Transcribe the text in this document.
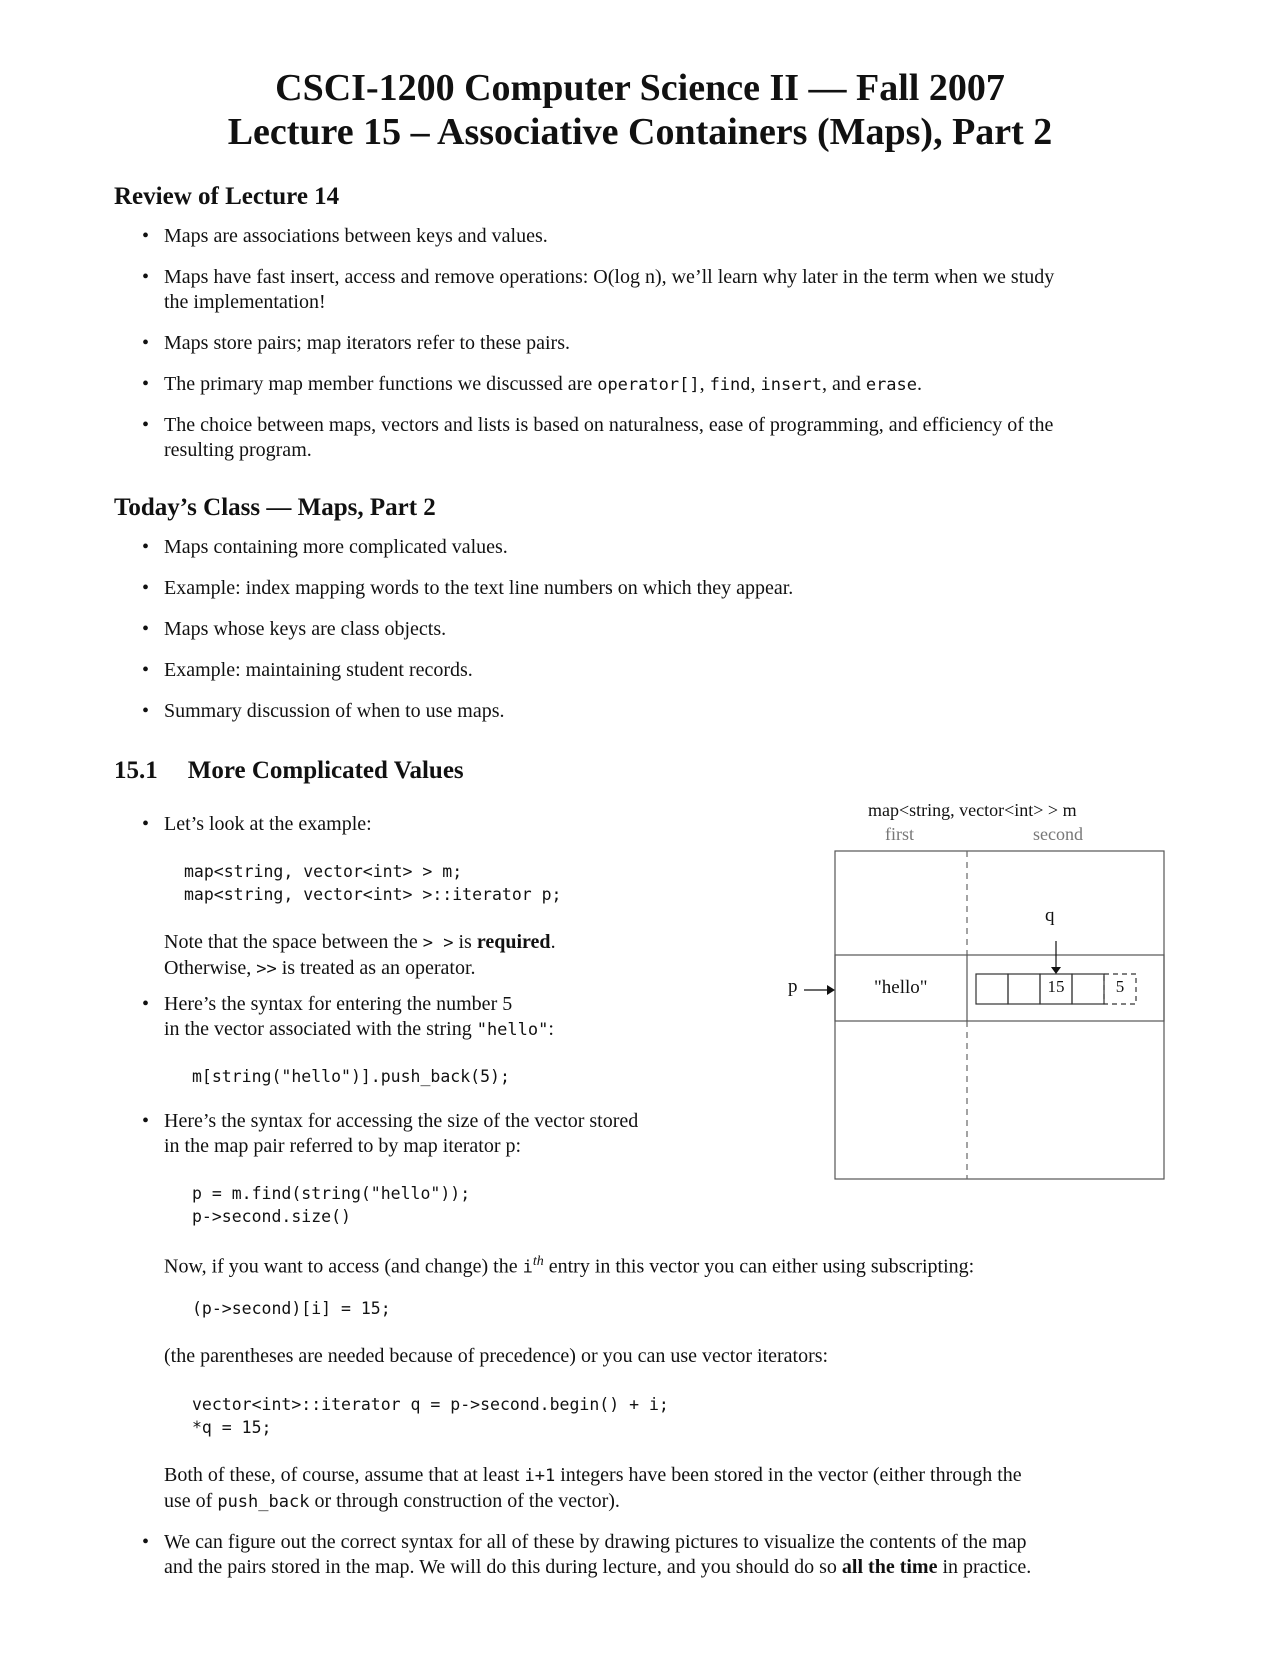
CSCI-1200 Computer Science II — Fall 2007
Lecture 15 – Associative Containers (Maps), Part 2
Review of Lecture 14
• Maps are associations between keys and values.
• Maps have fast insert, access and remove operations: O(log n), we’ll learn why later in the term when we study
the implementation!
• Maps store pairs; map iterators refer to these pairs.
• The primary map member functions we discussed are operator[], find, insert, and erase.
• The choice between maps, vectors and lists is based on naturalness, ease of programming, and efficiency of the
resulting program.
Today’s Class — Maps, Part 2
• Maps containing more complicated values.
• Example: index mapping words to the text line numbers on which they appear.
• Maps whose keys are class objects.
• Example: maintaining student records.
• Summary discussion of when to use maps.
15.1 More Complicated Values
• Let’s look at the example:
map<string, vector<int> > m;
map<string, vector<int> >::iterator p;
Note that the space between the > > is required.
Otherwise, >> is treated as an operator.
• Here’s the syntax for entering the number 5
in the vector associated with the string "hello":
m[string("hello")].push_back(5);
• Here’s the syntax for accessing the size of the vector stored
in the map pair referred to by map iterator p:
p = m.find(string("hello"));
p->second.size()
Now, if you want to access (and change) the $i^{th}$ entry in this vector you can either using subscripting:
(p->second)[i] = 15;
(the parentheses are needed because of precedence) or you can use vector iterators:
vector<int>::iterator q = p->second.begin() + i;
*q = 15;
Both of these, of course, assume that at least i+1 integers have been stored in the vector (either through the
use of push_back or through construction of the vector).
• We can figure out the correct syntax for all of these by drawing pictures to visualize the contents of the map
and the pairs stored in the map. We will do this during lecture, and you should do so all the time in practice.
map<string, vector<int> > m
first	second
q
p	"hello"	15	5
